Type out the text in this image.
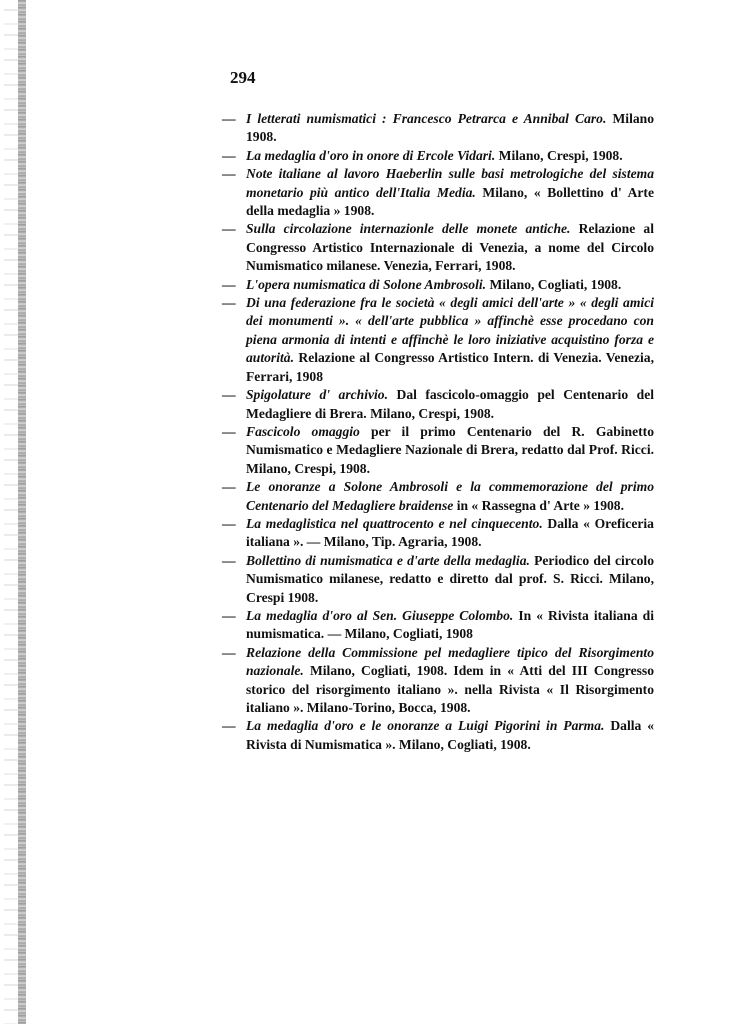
294
— I letterati numismatici : Francesco Petrarca e Annibal Caro. Milano 1908.
— La medaglia d'oro in onore di Ercole Vidari. Milano, Crespi, 1908.
— Note italiane al lavoro Haeberlin sulle basi metrologiche del sistema monetario più antico dell'Italia Media. Milano, « Bollettino d' Arte della medaglia » 1908.
— Sulla circolazione internazionle delle monete antiche. Relazione al Congresso Artistico Internazionale di Venezia, a nome del Circolo Numismatico milanese. Venezia, Ferrari, 1908.
— L'opera numismatica di Solone Ambrosoli. Milano, Cogliati, 1908.
— Di una federazione fra le società « degli amici dell'arte » « degli amici dei monumenti ». « dell'arte pubblica » affinchè esse procedano con piena armonia di intenti e affinchè le loro iniziative acquistino forza e autorità. Relazione al Congresso Artistico Intern. di Venezia. Venezia, Ferrari, 1908
— Spigolature d' archivio. Dal fascicolo-omaggio pel Centenario del Medagliere di Brera. Milano, Crespi, 1908.
— Fascicolo omaggio per il primo Centenario del R. Gabinetto Numismatico e Medagliere Nazionale di Brera, redatto dal Prof. Ricci. Milano, Crespi, 1908.
— Le onoranze a Solone Ambrosoli e la commemorazione del primo Centenario del Medagliere braidense in « Rassegna d' Arte » 1908.
— La medaglistica nel quattrocento e nel cinquecento. Dalla « Oreficeria italiana ». — Milano, Tip. Agraria, 1908.
— Bollettino di numismatica e d'arte della medaglia. Periodico del circolo Numismatico milanese, redatto e diretto dal prof. S. Ricci. Milano, Crespi 1908.
— La medaglia d'oro al Sen. Giuseppe Colombo. In « Rivista italiana di numismatica. — Milano, Cogliati, 1908
— Relazione della Commissione pel medagliere tipico del Risorgimento nazionale. Milano, Cogliati, 1908. Idem in « Atti del III Congresso storico del risorgimento italiano ». nella Rivista « Il Risorgimento italiano ». Milano-Torino, Bocca, 1908.
— La medaglia d'oro e le onoranze a Luigi Pigorini in Parma. Dalla « Rivista di Numismatica ». Milano, Cogliati, 1908.
